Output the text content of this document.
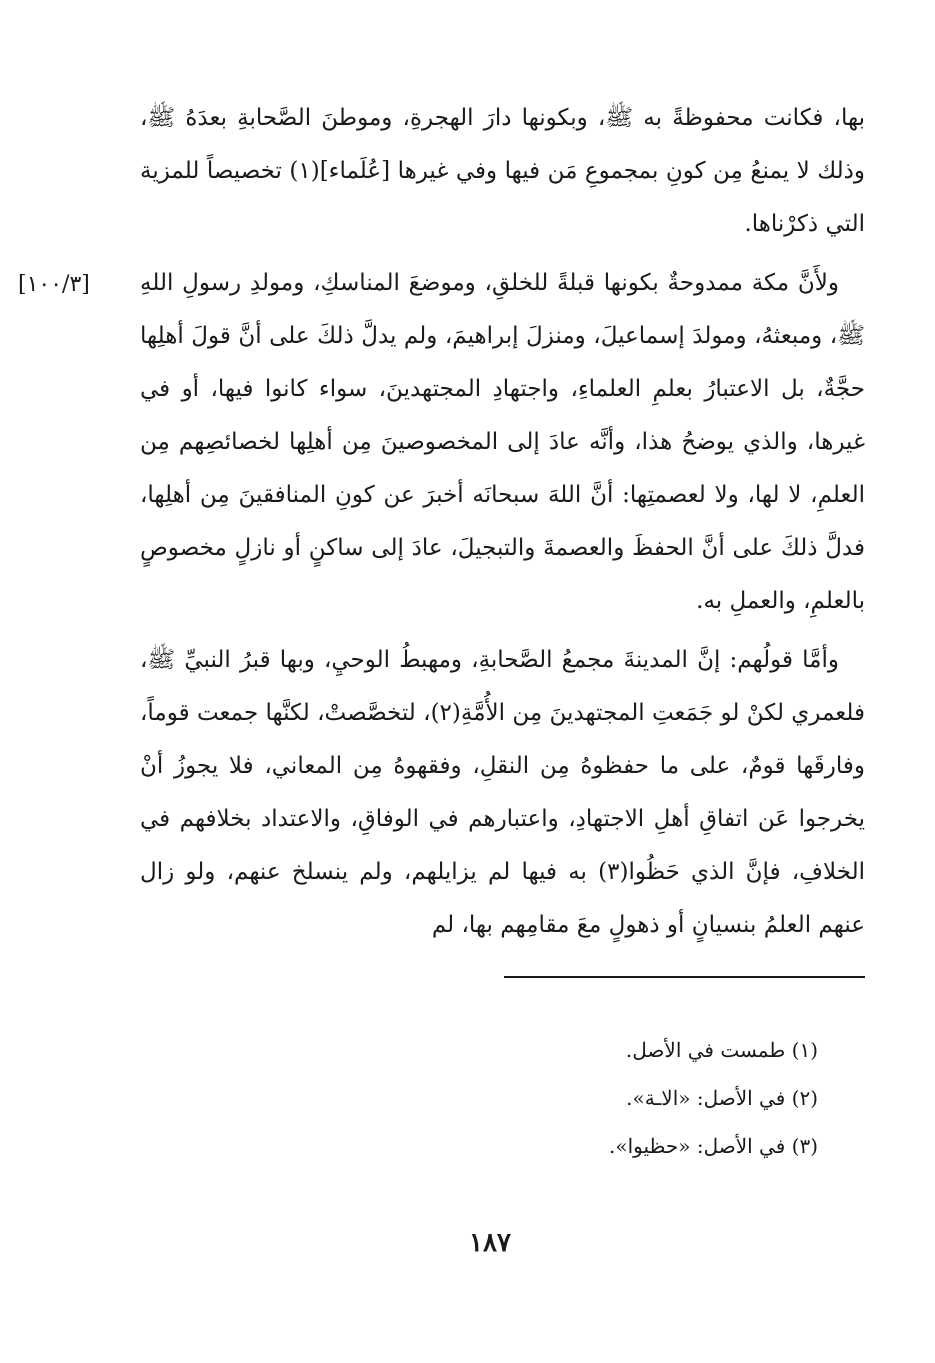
بها، فكانت محفوظةً به ﷺ، وبكونها دارَ الهجرةِ، وموطنَ الصَّحابةِ بعدَهُ ﷺ، وذلك لا يمنعُ مِن كونِ بمجموعِ مَن فيها وفي غيرها [عُلَماء](١) تخصيصاً للمزية التي ذكرْناها.

ولأَنَّ مكة ممدوحةٌ بكونها قبلةً للخلقِ، وموضعَ المناسكِ، ومولدِ رسولِ اللهِ ﷺ، ومبعثهُ، ومولدَ إسماعيلَ، ومنزلَ إبراهيمَ، ولم يدلَّ ذلكَ على أنَّ قولَ أهلِها حجَّةٌ، بل الاعتبارُ بعلمِ العلماءِ، واجتهادِ المجتهدينَ، سواء كانوا فيها، أو في غيرها، والذي يوضحُ هذا، وأنَّه عادَ إلى المخصوصينَ مِن أهلِها لخصائصِهم مِن العلمِ، لا لها، ولا لعصمتِها: أنَّ اللهَ سبحانَه أخبرَ عن كونِ المنافقينَ مِن أهلِها، فدلَّ ذلكَ على أنَّ الحفظَ والعصمةَ والتبجيلَ، عادَ إلى ساكنٍ أو نازلٍ مخصوصٍ بالعلمِ، والعملِ به.

وأمَّا قولُهم: إنَّ المدينةَ مجمعُ الصَّحابةِ، ومهبطُ الوحيِ، وبها قبرُ النبيِّ ﷺ، فلعمري لكنْ لو جَمَعتِ المجتهدينَ مِن الأُمَّةِ(٢)، لتخصَّصتْ، لكنَّها جمعت قوماً، وفارقَها قومٌ، على ما حفظوهُ مِن النقلِ، وفقهوهُ مِن المعاني، فلا يجوزُ أنْ يخرجوا عَن اتفاقِ أهلِ الاجتهادِ، واعتبارهم في الوفاقِ، والاعتداد بخلافهم في الخلافِ، فإنَّ الذي حَظُوا(٣) به فيها لم يزايلهم، ولم ينسلخ عنهم، ولو زال عنهم العلمُ بنسيانٍ أو ذهولٍ معَ مقامِهم بها، لم

[١٠٠/٣]

(١) طمست في الأصل.

(٢) في الأصل: «الاـة».

(٣) في الأصل: «حظيوا».

١٨٧
